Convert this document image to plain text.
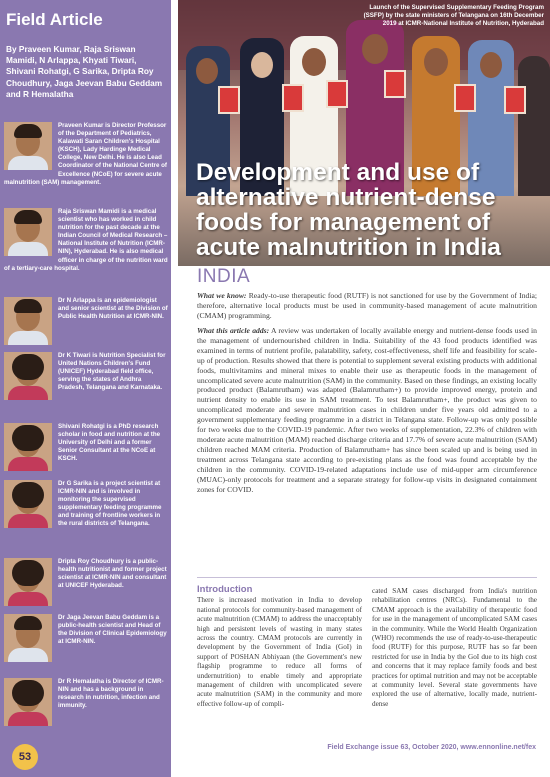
Field Article
By Praveen Kumar, Raja Sriswan Mamidi, N Arlappa, Khyati Tiwari, Shivani Rohatgi, G Sarika, Dripta Roy Choudhury, Jaga Jeevan Babu Geddam and R Hemalatha
Praveen Kumar is Director Professor of the Department of Pediatrics, Kalawati Saran Children's Hospital (KSCH), Lady Hardinge Medical College, New Delhi. He is also Lead Coordinator of the National Centre of Excellence (NCoE) for severe acute malnutrition (SAM) management.
Raja Sriswan Mamidi is a medical scientist who has worked in child nutrition for the past decade at the Indian Council of Medical Research – National Institute of Nutrition (ICMR-NIN), Hyderabad. He is also medical officer in charge of the nutrition ward of a tertiary-care hospital.
Dr N Arlappa is an epidemiologist and senior scientist at the Division of Public Health Nutrition at ICMR-NIN.
Dr K Tiwari is Nutrition Specialist for United Nations Children's Fund (UNICEF) Hyderabad field office, serving the states of Andhra Pradesh, Telangana and Karnataka.
Shivani Rohatgi is a PhD research scholar in food and nutrition at the University of Delhi and a former Senior Consultant at the NCoE at KSCH.
Dr G Sarika is a project scientist at ICMR-NIN and is involved in monitoring the supervised supplementary feeding programme and training of frontline workers in the rural districts of Telangana.
Dripta Roy Choudhury is a public-health nutritionist and former project scientist at ICMR-NIN and consultant at UNICEF Hyderabad.
Dr Jaga Jeevan Babu Geddam is a public-health scientist and Head of the Division of Clinical Epidemiology at ICMR-NIN.
Dr R Hemalatha is Director of ICMR-NIN and has a background in research in nutrition, infection and immunity.
53
Launch of the Supervised Supplementary Feeding Program (SSFP) by the state ministers of Telangana on 16th December 2019 at ICMR-National Institute of Nutrition, Hyderabad
Development and use of alternative nutrient-dense foods for management of acute malnutrition in India
INDIA
What we know: Ready-to-use therapeutic food (RUTF) is not sanctioned for use by the Government of India; therefore, alternative local products must be used in community-based management of acute malnutrition (CMAM) programming.
What this article adds: A review was undertaken of locally available energy and nutrient-dense foods used in the management of undernourished children in India. Suitability of the 43 food products identified was examined in terms of nutrient profile, palatability, safety, cost-effectiveness, shelf life and feasibility for scale-up of production. Results showed that there is potential to supplement several existing products with additional foods, multivitamins and mineral mixes to enable their use as therapeutic foods in the management of uncomplicated severe acute malnutrition (SAM) in the community. Based on these findings, an existing locally produced product (Balamrutham) was adapted (Balamrutham+) to provide improved energy, protein and nutrient density to enable its use in SAM treatment. To test Balamrutham+, the product was given to uncomplicated moderate and severe malnutrition cases in children under five years old admitted to a government supplementary feeding programme in a district in Telangana state. Follow-up was only possible for two weeks due to the COVID-19 pandemic. After two weeks of supplementation, 22.3% of children with moderate acute malnutrition (MAM) reached discharge criteria and 17.7% of severe acute malnutrition (SAM) children reached MAM criteria. Production of Balamrutham+ has since been scaled up and is being used in treatment across Telangana state according to pre-existing plans as the food was found acceptable by the children in the community. COVID-19-related adaptations include use of mid-upper arm circumference (MUAC)-only protocols for treatment and a separate strategy for follow-up visits in designated containment zones for COVID.
Introduction
There is increased motivation in India to develop national protocols for community-based management of acute malnutrition (CMAM) to address the unacceptably high and persistent levels of wasting in many states across the country. CMAM protocols are currently in development by the Government of India (GoI) in support of POSHAN Abhiyaan (the Government's new flagship programme to reduce all forms of undernutrition) to enable timely and appropriate management of children with uncomplicated severe acute malnutrition (SAM) in the community and more effective follow-up of compli-
cated SAM cases discharged from India's nutrition rehabilitation centres (NRCs). Fundamental to the CMAM approach is the availability of therapeutic food for use in the management of uncomplicated SAM cases in the community. While the World Health Organization (WHO) recommends the use of ready-to-use-therapeutic food (RUTF) for this purpose, RUTF has so far been restricted for use in India by the GoI due to its high cost and concerns that it may replace family foods and best practices for optimal nutrition and may not be acceptable at community level. Several state governments have explored the use of alternative, locally made, nutrient-dense
Field Exchange issue 63, October 2020, www.ennonline.net/fex
